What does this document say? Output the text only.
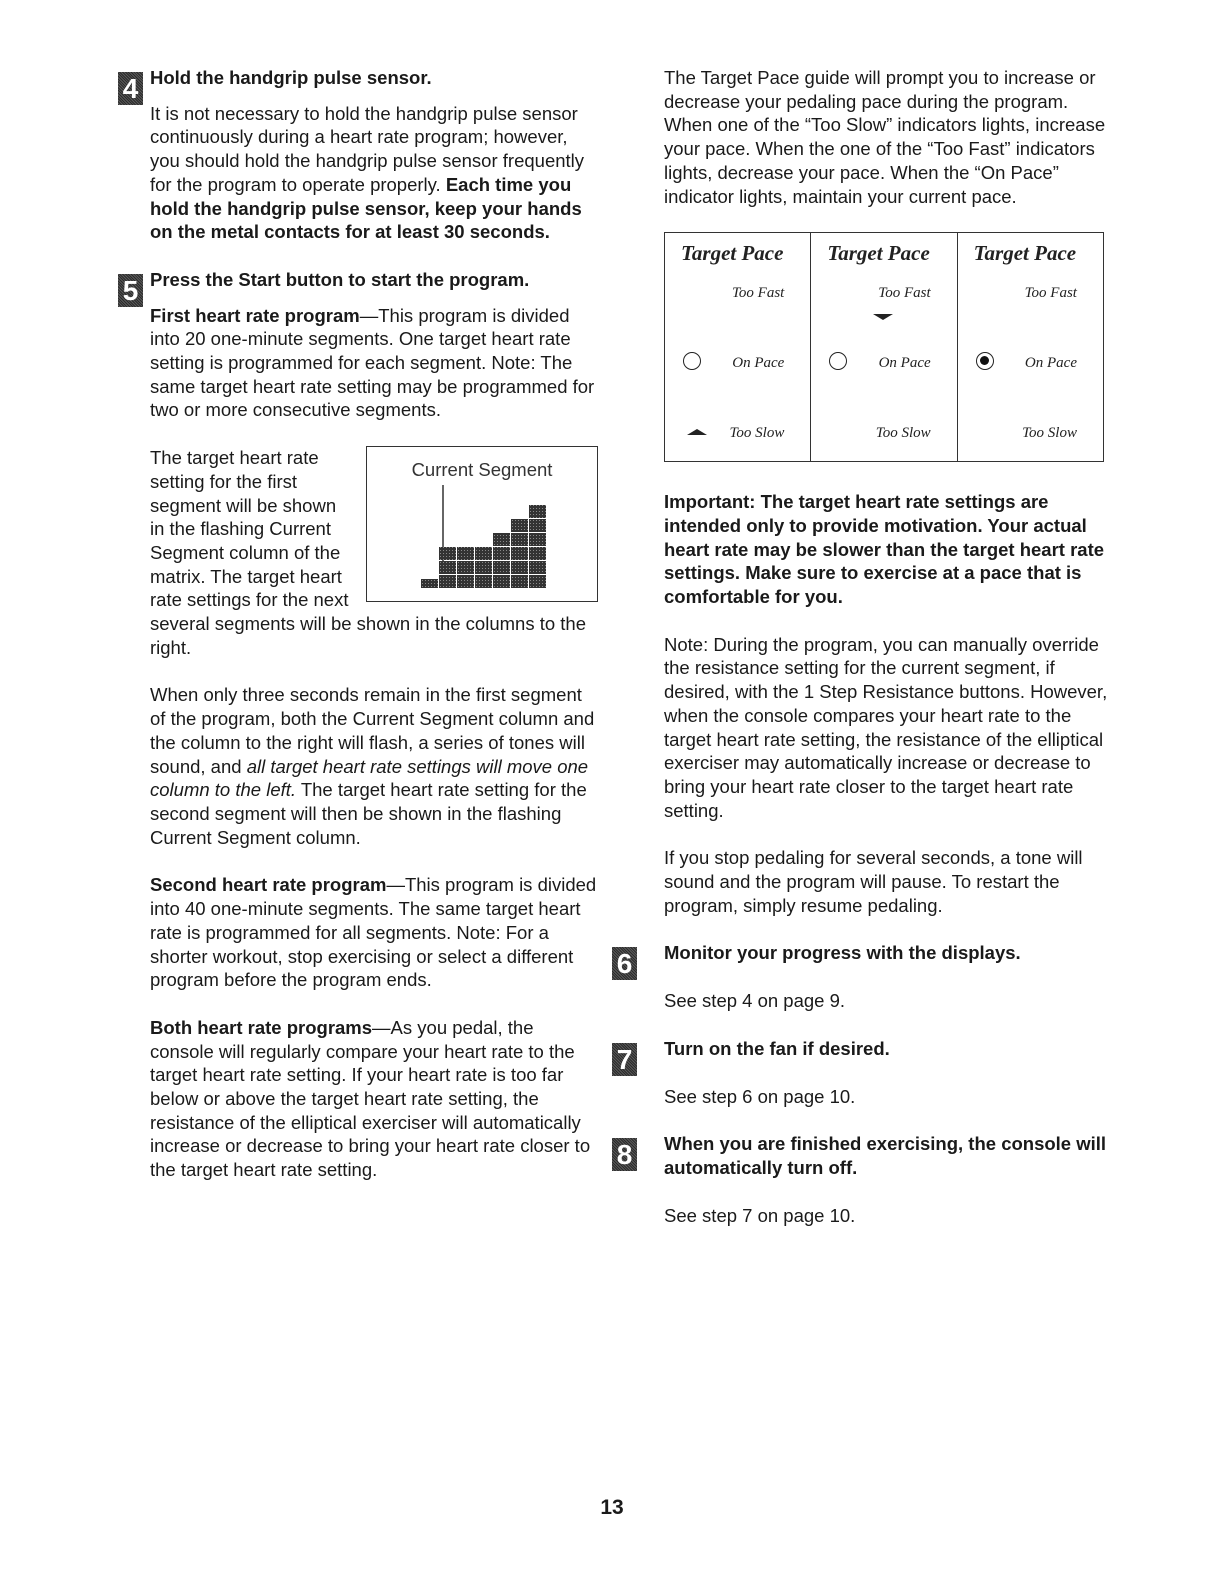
4 Hold the handgrip pulse sensor.

It is not necessary to hold the handgrip pulse sensor continuously during a heart rate program; however, you should hold the handgrip pulse sensor frequently for the program to operate properly. Each time you hold the handgrip pulse sensor, keep your hands on the metal contacts for at least 30 seconds.

5 Press the Start button to start the program.

First heart rate program—This program is divided into 20 one-minute segments. One target heart rate setting is programmed for each segment. Note: The same target heart rate setting may be programmed for two or more consecutive segments.

Current Segment

The target heart rate setting for the first segment will be shown in the flashing Current Segment column of the matrix. The target heart rate settings for the next several segments will be shown in the columns to the right.

When only three seconds remain in the first segment of the program, both the Current Segment column and the column to the right will flash, a series of tones will sound, and all target heart rate settings will move one column to the left. The target heart rate setting for the second segment will then be shown in the flashing Current Segment column.

Second heart rate program—This program is divided into 40 one-minute segments. The same target heart rate is programmed for all segments. Note: For a shorter workout, stop exercising or select a different program before the program ends.

Both heart rate programs—As you pedal, the console will regularly compare your heart rate to the target heart rate setting. If your heart rate is too far below or above the target heart rate setting, the resistance of the elliptical exerciser will automatically increase or decrease to bring your heart rate closer to the target heart rate setting.

The Target Pace guide will prompt you to increase or decrease your pedaling pace during the program. When one of the “Too Slow” indicators lights, increase your pace. When the one of the “Too Fast” indicators lights, decrease your pace. When the “On Pace” indicator lights, maintain your current pace.

Target Pace
Too Fast
On Pace
Too Slow
Target Pace
Too Fast
On Pace
Too Slow
Target Pace
Too Fast
On Pace
Too Slow

Important: The target heart rate settings are intended only to provide motivation. Your actual heart rate may be slower than the target heart rate settings. Make sure to exercise at a pace that is comfortable for you.

Note: During the program, you can manually override the resistance setting for the current segment, if desired, with the 1 Step Resistance buttons. However, when the console compares your heart rate to the target heart rate setting, the resistance of the elliptical exerciser may automatically increase or decrease to bring your heart rate closer to the target heart rate setting.

If you stop pedaling for several seconds, a tone will sound and the program will pause. To restart the program, simply resume pedaling.

6 Monitor your progress with the displays.

See step 4 on page 9.

7 Turn on the fan if desired.

See step 6 on page 10.

8 When you are finished exercising, the console will automatically turn off.

See step 7 on page 10.

13
